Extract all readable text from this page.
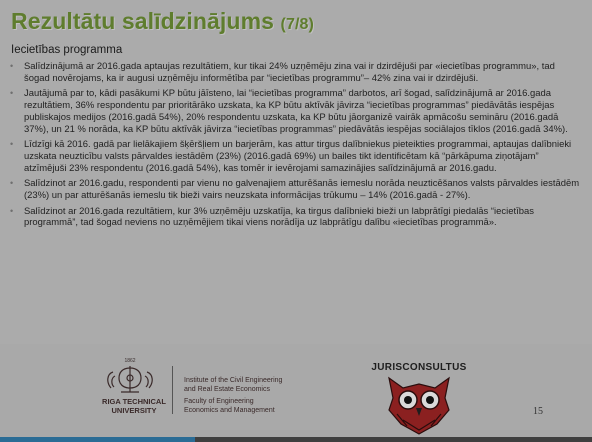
Rezultātu salīdzinājums (7/8)
Iecietības programma
• Salīdzinājumā ar 2016.gada aptaujas rezultātiem, kur tikai 24% uzņēmēju zina vai ir dzirdējuši par «iecietības programmu», tad šogad novērojams, ka ir augusi uzņēmēju informētība par “iecietības programmu”– 42% zina vai ir dzirdējuši.
• Jautājumā par to, kādi pasākumi KP būtu jāīsteno, lai “iecietības programma” darbotos, arī šogad, salīdzinājumā ar 2016.gada rezultātiem, 36% respondentu par prioritārāko uzskata, ka KP būtu aktīvāk jāvirza “iecietības programmas” piedāvātās iespējas publiskajos medijos (2016.gadā 54%), 20% respondentu uzskata, ka KP būtu jāorganizē vairāk apmācošu semināru (2016.gadā 37%), un 21 % norāda, ka KP būtu aktīvāk jāvirza “iecietības programmas” piedāvātās iespējas sociālajos tīklos (2016.gadā 34%).
• Līdzīgi kā 2016. gadā par lielākajiem šķēršļiem un barjerām, kas attur tirgus dalībniekus pieteikties programmai, aptaujas dalībnieki uzskata neuzticību valsts pārvaldes iestādēm (23%) (2016.gadā 69%) un bailes tikt identificētam kā “pārkāpuma ziņotājam” atzīmējuši 23% respondentu (2016.gadā 54%), kas tomēr ir ievērojami samazinājies salīdzinājumā ar 2016.gadu.
• Salīdzinot ar 2016.gadu, respondenti par vienu no galvenajiem atturēšanās iemeslu norāda neuzticēšanos valsts pārvaldes iestādēm (23%) un par atturēšanās iemeslu tik bieži vairs neuzskata informācijas trūkumu – 14% (2016.gadā - 27%).
• Salīdzinot ar 2016.gada rezultātiem, kur 3% uzņēmēju uzskatīja, ka tirgus dalībnieki bieži un labprātīgi piedalās “iecietības programmā”, tad šogad neviens no uzņēmējiem tikai viens norādīja uz labprātīgu dalību «iecietības programmā».
1862
RIGA TECHNICAL
UNIVERSITY
Institute of the Civil Engineering
and Real Estate Economics
Faculty of Engineering
Economics and Management
JURISCONSULTUS
15
